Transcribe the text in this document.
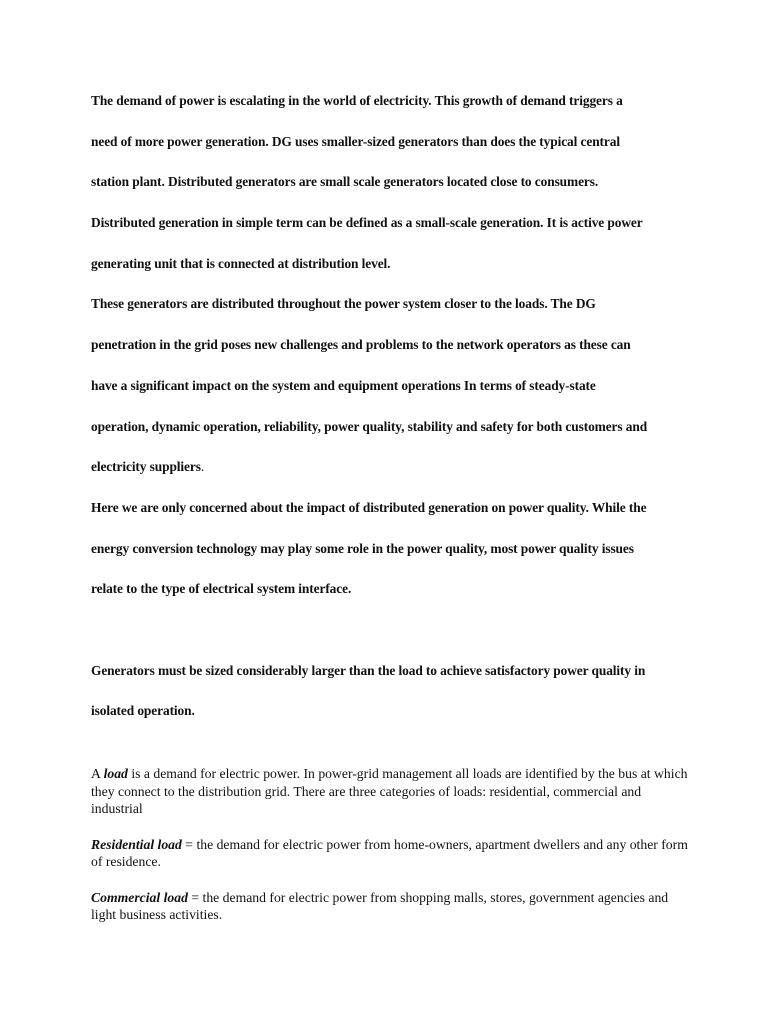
The demand of power is escalating in the world of electricity. This growth of demand triggers a
need of more power generation. DG uses smaller-sized generators than does the typical central
station plant. Distributed generators are small scale generators located close to consumers.
Distributed generation in simple term can be defined as a small-scale generation. It is active power
generating unit that is connected at distribution level.
These generators are distributed throughout the power system closer to the loads. The DG
penetration in the grid poses new challenges and problems to the network operators as these can
have a significant impact on the system and equipment operations In terms of steady-state
operation, dynamic operation, reliability, power quality, stability and safety for both customers and
electricity suppliers.
Here we are only concerned about the impact of distributed generation on power quality. While the
energy conversion technology may play some role in the power quality, most power quality issues
relate to the type of electrical system interface.
Generators must be sized considerably larger than the load to achieve satisfactory power quality in
isolated operation.

A load is a demand for electric power. In power-grid management all loads are identified by the bus at which they connect to the distribution grid. There are three categories of loads: residential, commercial and industrial

Residential load = the demand for electric power from home-owners, apartment dwellers and any other form of residence.

Commercial load = the demand for electric power from shopping malls, stores, government agencies and light business activities.
